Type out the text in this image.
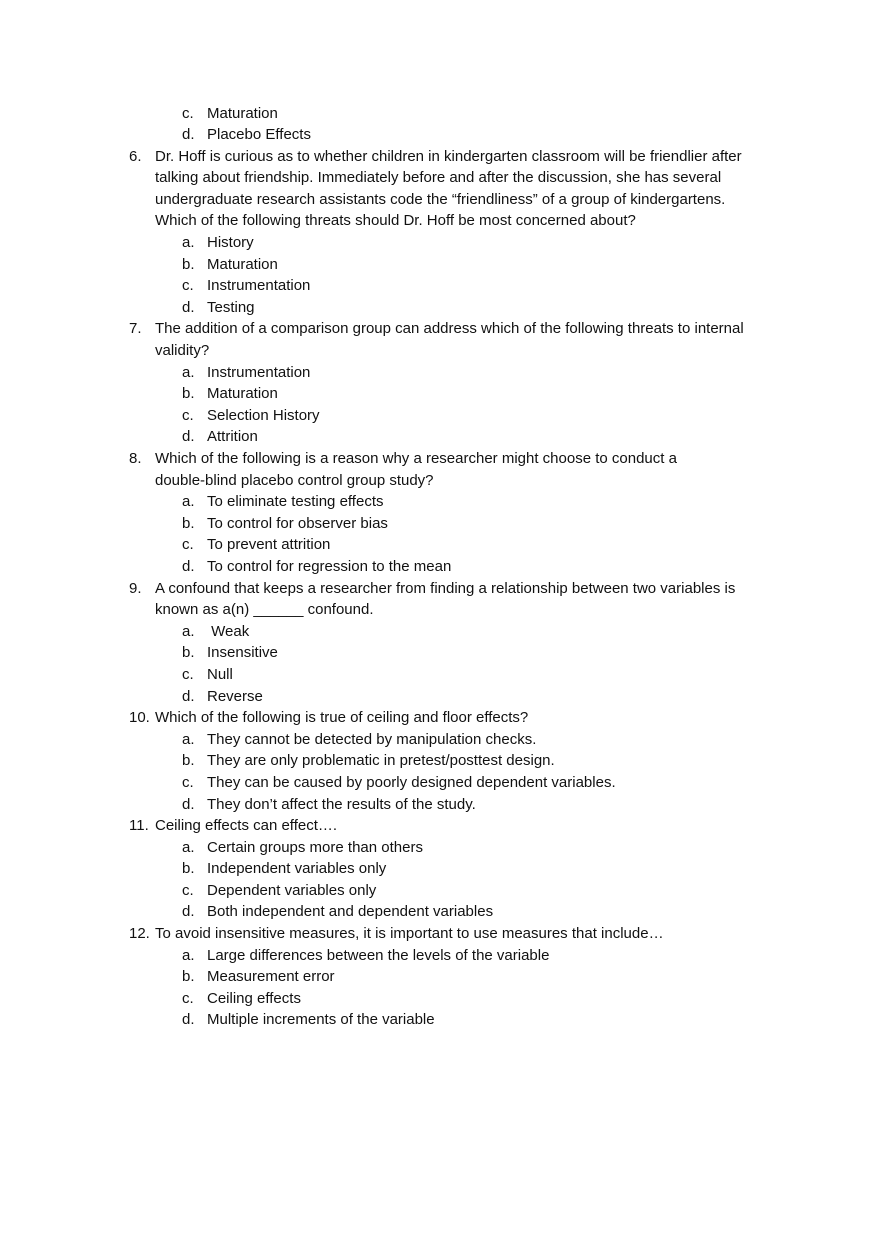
c. Maturation
d. Placebo Effects
6. Dr. Hoff is curious as to whether children in kindergarten classroom will be friendlier after
talking about friendship. Immediately before and after the discussion, she has several
undergraduate research assistants code the “friendliness” of a group of kindergartens.
Which of the following threats should Dr. Hoff be most concerned about?
a. History
b. Maturation
c. Instrumentation
d. Testing
7. The addition of a comparison group can address which of the following threats to internal
validity?
a. Instrumentation
b. Maturation
c. Selection History
d. Attrition
8. Which of the following is a reason why a researcher might choose to conduct a
double-blind placebo control group study?
a. To eliminate testing effects
b. To control for observer bias
c. To prevent attrition
d. To control for regression to the mean
9. A confound that keeps a researcher from finding a relationship between two variables is
known as a(n) ______ confound.
a. Weak
b. Insensitive
c. Null
d. Reverse
10. Which of the following is true of ceiling and floor effects?
a. They cannot be detected by manipulation checks.
b. They are only problematic in pretest/posttest design.
c. They can be caused by poorly designed dependent variables.
d. They don’t affect the results of the study.
11. Ceiling effects can effect….
a. Certain groups more than others
b. Independent variables only
c. Dependent variables only
d. Both independent and dependent variables
12. To avoid insensitive measures, it is important to use measures that include…
a. Large differences between the levels of the variable
b. Measurement error
c. Ceiling effects
d. Multiple increments of the variable
